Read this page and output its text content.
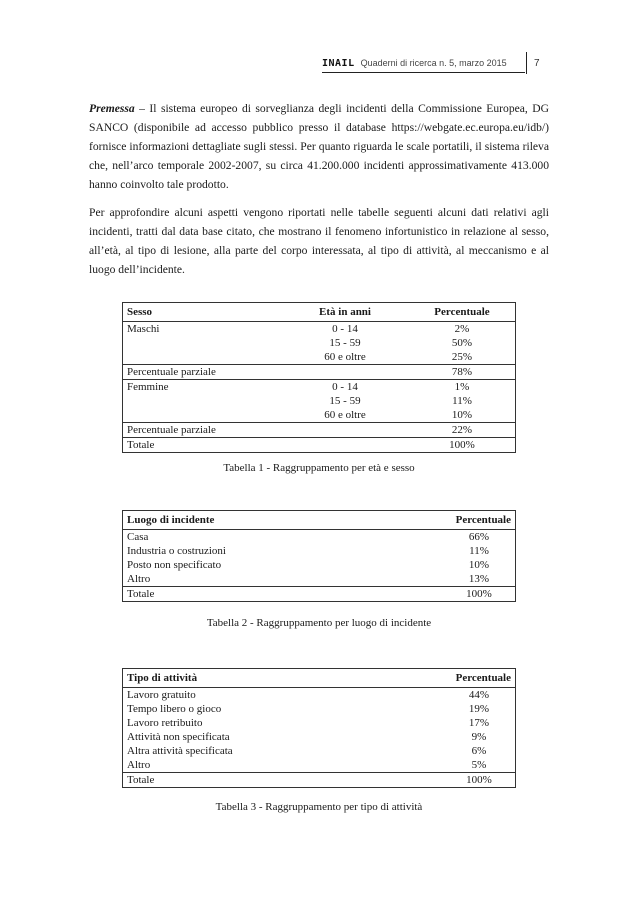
INAIL Quaderni di ricerca n. 5, marzo 2015	7
Premessa – Il sistema europeo di sorveglianza degli incidenti della Commissione Europea, DG SANCO (disponibile ad accesso pubblico presso il database https://webgate.ec.europa.eu/idb/) fornisce informazioni dettagliate sugli stessi. Per quanto riguarda le scale portatili, il sistema rileva che, nell’arco temporale 2002-2007, su circa 41.200.000 incidenti approssimativamente 413.000 hanno coinvolto tale prodotto.
Per approfondire alcuni aspetti vengono riportati nelle tabelle seguenti alcuni dati relativi agli incidenti, tratti dal data base citato, che mostrano il fenomeno infortunistico in relazione al sesso, all’età, al tipo di lesione, alla parte del corpo interessata, al tipo di attività, al meccanismo e al luogo dell’incidente.
Sesso	Età in anni	Percentuale
Maschi	0 - 14	2%
	15 - 59	50%
	60 e oltre	25%
Percentuale parziale		78%
Femmine	0 - 14	1%
	15 - 59	11%
	60 e oltre	10%
Percentuale parziale		22%
Totale		100%
Tabella 1 - Raggruppamento per età e sesso
Luogo di incidente	Percentuale
Casa	66%
Industria o costruzioni	11%
Posto non specificato	10%
Altro	13%
Totale	100%
Tabella 2 - Raggruppamento per luogo di incidente
Tipo di attività	Percentuale
Lavoro gratuito	44%
Tempo libero o gioco	19%
Lavoro retribuito	17%
Attività non specificata	9%
Altra attività specificata	6%
Altro	5%
Totale	100%
Tabella 3 - Raggruppamento per tipo di attività
